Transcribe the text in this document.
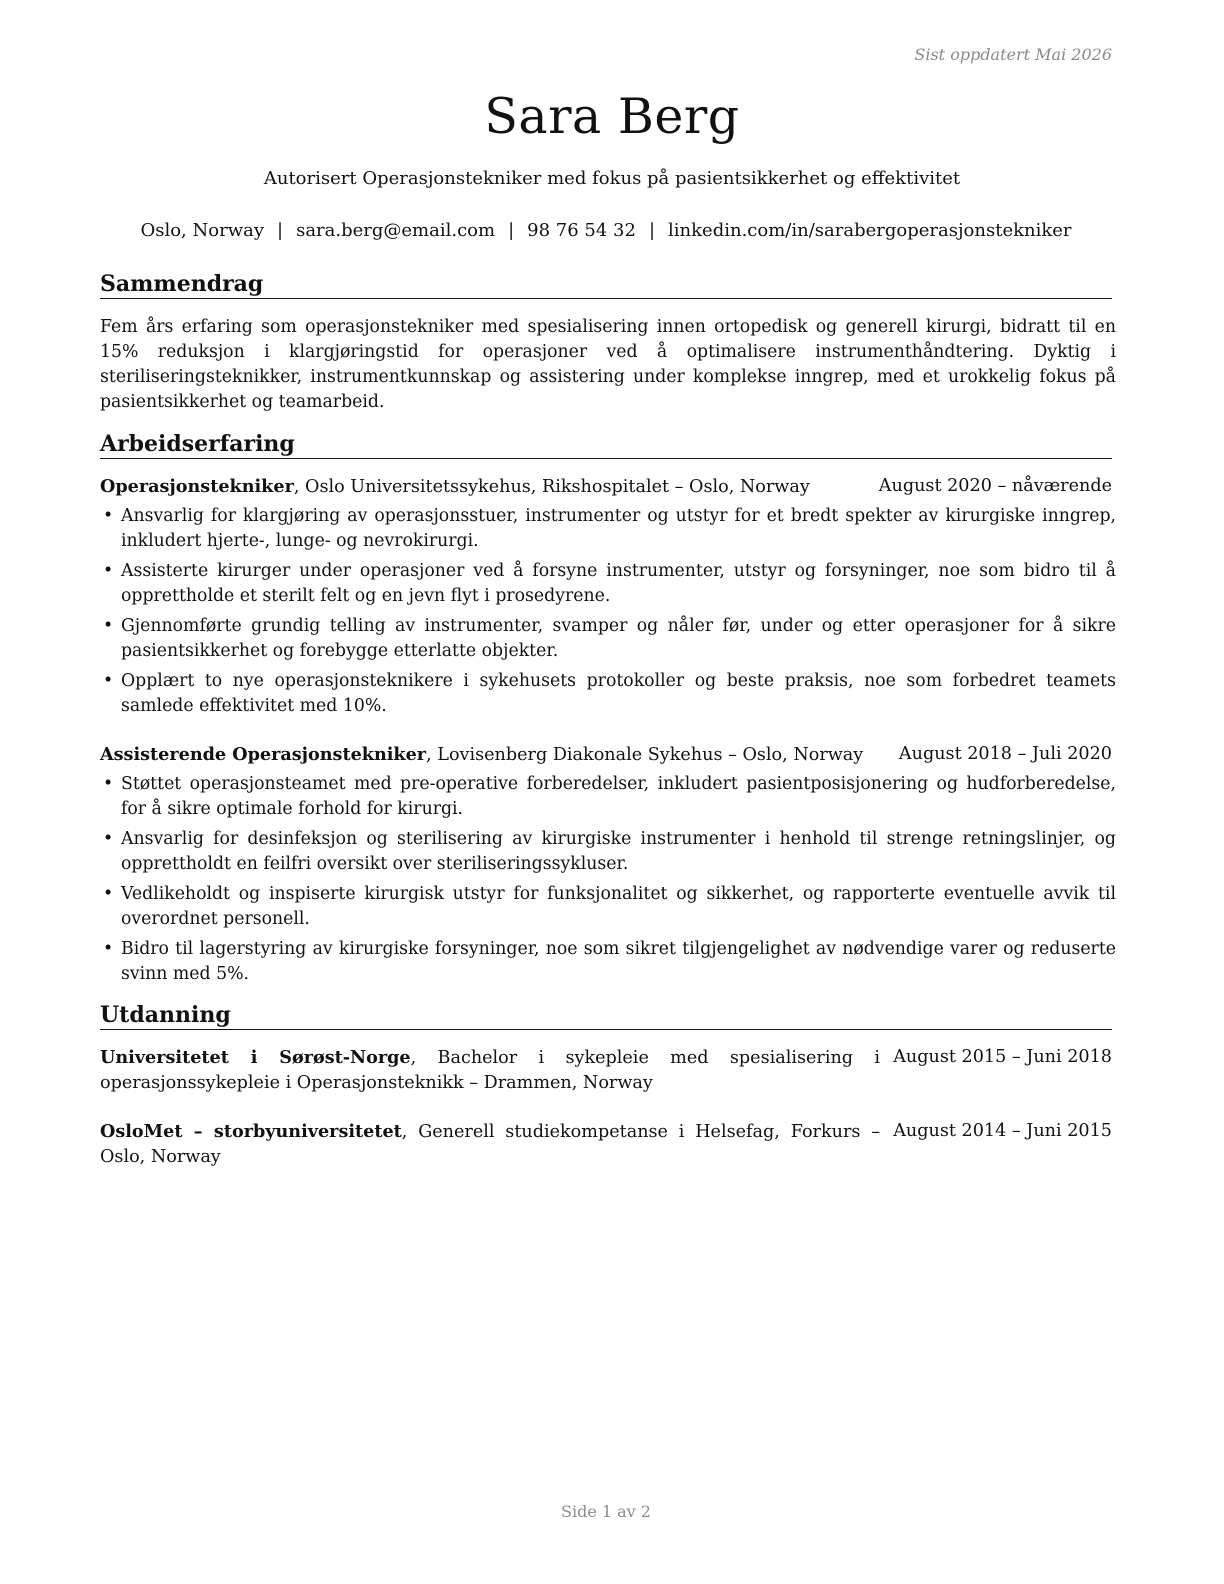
Sist oppdatert Mai 2026
Sara Berg
Autorisert Operasjonstekniker med fokus på pasientsikkerhet og effektivitet
Oslo, Norway | sara.berg@email.com | 98 76 54 32 | linkedin.com/in/sarabergoperasjonstekniker
Sammendrag
Fem års erfaring som operasjonstekniker med spesialisering innen ortopedisk og generell kirurgi, bidratt til en 15% reduksjon i klargjøringstid for operasjoner ved å optimalisere instrumenthåndtering. Dyktig i steriliseringsteknikker, instrumentkunnskap og assistering under komplekse inngrep, med et urokkelig fokus på pasientsikkerhet og teamarbeid.
Arbeidserfaring
Operasjonstekniker, Oslo Universitetssykehus, Rikshospitalet – Oslo, Norway	August 2020 – nåværende
• Ansvarlig for klargjøring av operasjonsstuer, instrumenter og utstyr for et bredt spekter av kirurgiske inngrep, inkludert hjerte-, lunge- og nevrokirurgi.
• Assisterte kirurger under operasjoner ved å forsyne instrumenter, utstyr og forsyninger, noe som bidro til å opprettholde et sterilt felt og en jevn flyt i prosedyrene.
• Gjennomførte grundig telling av instrumenter, svamper og nåler før, under og etter operasjoner for å sikre pasientsikkerhet og forebygge etterlatte objekter.
• Opplært to nye operasjonsteknikere i sykehusets protokoller og beste praksis, noe som forbedret teamets samlede effektivitet med 10%.
Assisterende Operasjonstekniker, Lovisenberg Diakonale Sykehus – Oslo, Norway August 2018 – Juli 2020
• Støttet operasjonsteamet med pre-operative forberedelser, inkludert pasientposisjonering og hudforberedelse, for å sikre optimale forhold for kirurgi.
• Ansvarlig for desinfeksjon og sterilisering av kirurgiske instrumenter i henhold til strenge retningslinjer, og opprettholdt en feilfri oversikt over steriliseringssykluser.
• Vedlikeholdt og inspiserte kirurgisk utstyr for funksjonalitet og sikkerhet, og rapporterte eventuelle avvik til overordnet personell.
• Bidro til lagerstyring av kirurgiske forsyninger, noe som sikret tilgjengelighet av nødvendige varer og reduserte svinn med 5%.
Utdanning
Universitetet i Sørøst-Norge, Bachelor i sykepleie med spesialisering i operasjonssykepleie i Operasjonsteknikk – Drammen, Norway
August 2015 – Juni 2018
OsloMet – storbyuniversitetet, Generell studiekompetanse i Helsefag, Forkurs – Oslo, Norway
August 2014 – Juni 2015
Side 1 av 2
